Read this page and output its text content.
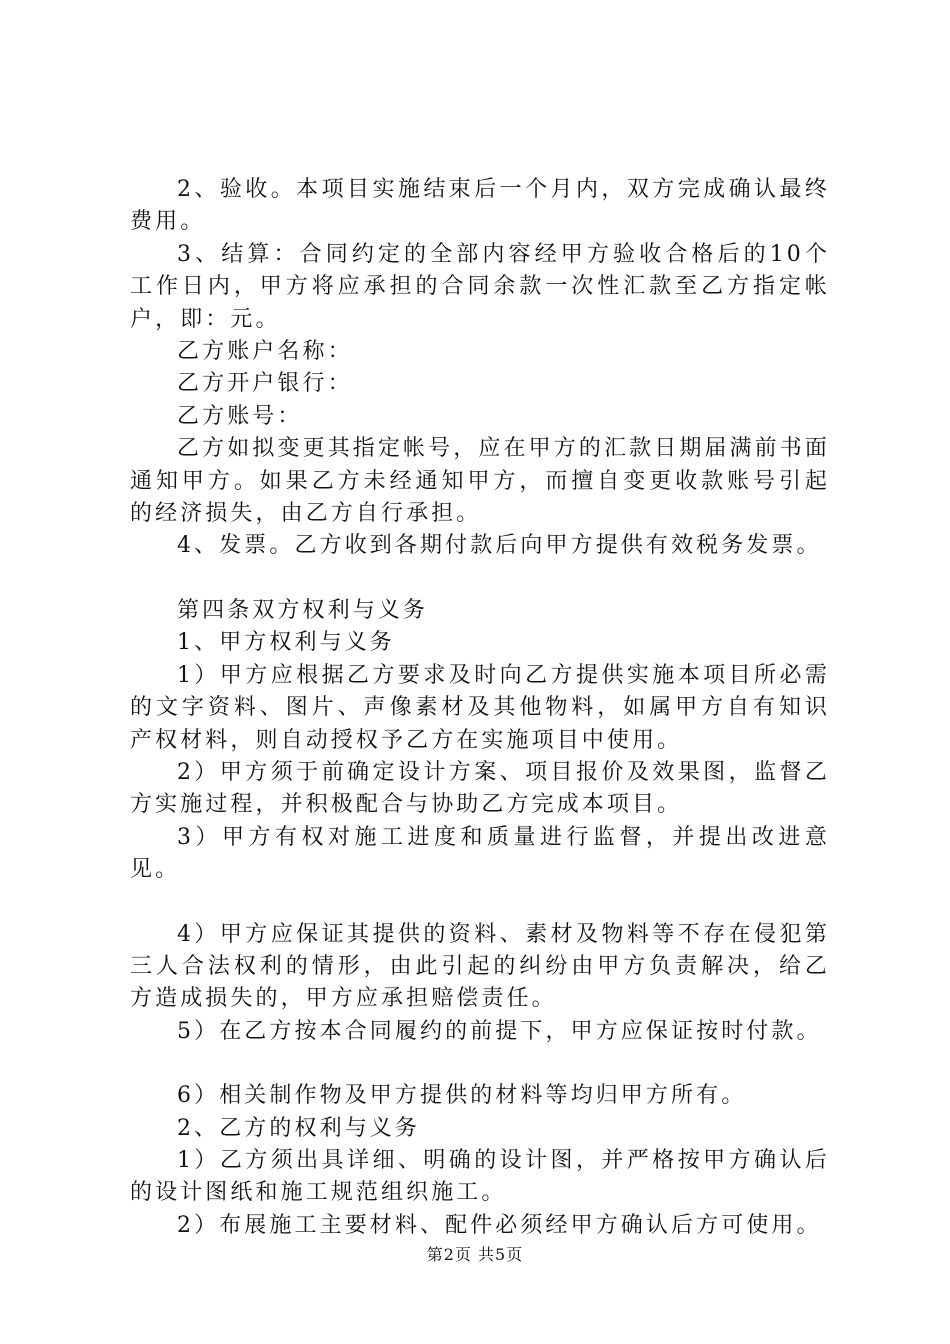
2、验收。本项目实施结束后一个月内，双方完成确认最终费用。

3、结算：合同约定的全部内容经甲方验收合格后的10个工作日内，甲方将应承担的合同余款一次性汇款至乙方指定帐户，即：元。

乙方账户名称：

乙方开户银行：

乙方账号：

乙方如拟变更其指定帐号，应在甲方的汇款日期届满前书面通知甲方。如果乙方未经通知甲方，而擅自变更收款账号引起的经济损失，由乙方自行承担。

4、发票。乙方收到各期付款后向甲方提供有效税务发票。

第四条双方权利与义务

1、甲方权利与义务

1）甲方应根据乙方要求及时向乙方提供实施本项目所必需的文字资料、图片、声像素材及其他物料，如属甲方自有知识产权材料，则自动授权予乙方在实施项目中使用。

2）甲方须于前确定设计方案、项目报价及效果图，监督乙方实施过程，并积极配合与协助乙方完成本项目。

3）甲方有权对施工进度和质量进行监督，并提出改进意见。

4）甲方应保证其提供的资料、素材及物料等不存在侵犯第三人合法权利的情形，由此引起的纠纷由甲方负责解决，给乙方造成损失的，甲方应承担赔偿责任。

5）在乙方按本合同履约的前提下，甲方应保证按时付款。

6）相关制作物及甲方提供的材料等均归甲方所有。

2、乙方的权利与义务

1）乙方须出具详细、明确的设计图，并严格按甲方确认后的设计图纸和施工规范组织施工。

2）布展施工主要材料、配件必须经甲方确认后方可使用。

第2页 共5页
